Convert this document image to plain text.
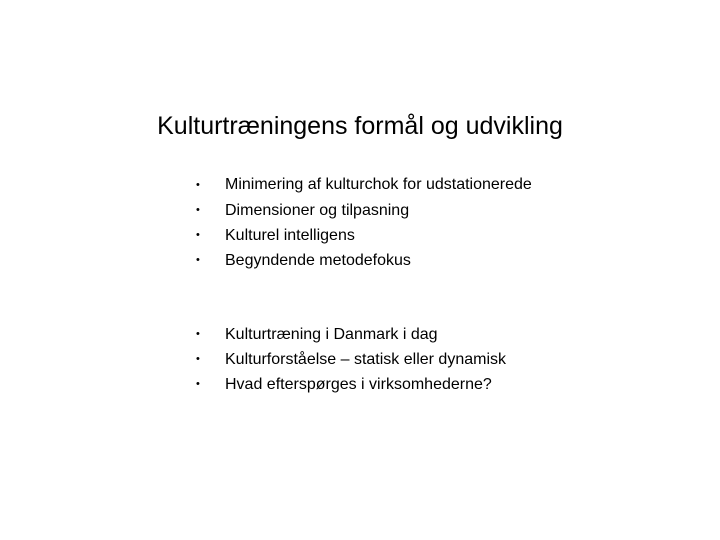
Kulturtræningens formål og udvikling
• Minimering af kulturchok for udstationerede
• Dimensioner og tilpasning
• Kulturel intelligens
• Begyndende metodefokus
• Kulturtræning i Danmark i dag
• Kulturforståelse – statisk eller dynamisk
• Hvad efterspørges i virksomhederne?
